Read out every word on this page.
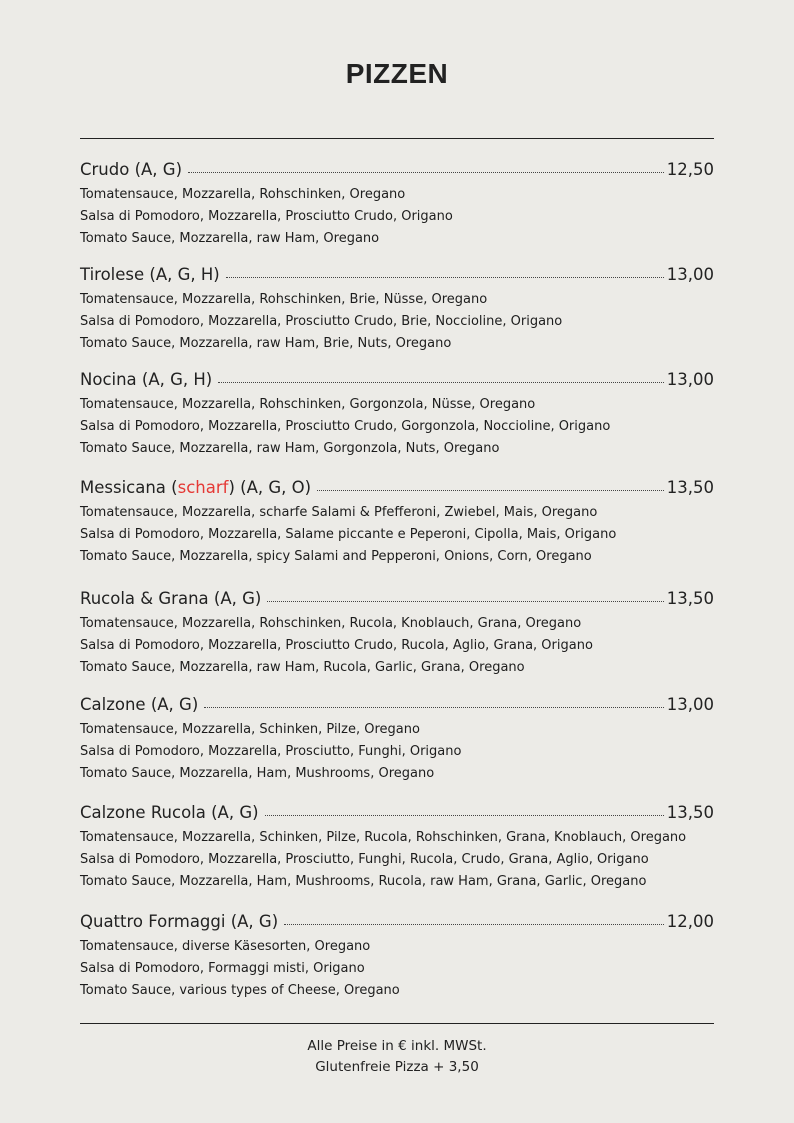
PIZZEN
Crudo (A, G)	12,50
Tomatensauce, Mozzarella, Rohschinken, Oregano
Salsa di Pomodoro, Mozzarella, Prosciutto Crudo, Origano
Tomato Sauce, Mozzarella, raw Ham, Oregano
Tirolese (A, G, H)	13,00
Tomatensauce, Mozzarella, Rohschinken, Brie, Nüsse, Oregano
Salsa di Pomodoro, Mozzarella, Prosciutto Crudo, Brie, Noccioline, Origano
Tomato Sauce, Mozzarella, raw Ham, Brie, Nuts, Oregano
Nocina (A, G, H)	13,00
Tomatensauce, Mozzarella, Rohschinken, Gorgonzola, Nüsse, Oregano
Salsa di Pomodoro, Mozzarella, Prosciutto Crudo, Gorgonzola, Noccioline, Origano
Tomato Sauce, Mozzarella, raw Ham, Gorgonzola, Nuts, Oregano
Messicana (scharf) (A, G, O)	13,50
Tomatensauce, Mozzarella, scharfe Salami & Pfefferoni, Zwiebel, Mais, Oregano
Salsa di Pomodoro, Mozzarella, Salame piccante e Peperoni, Cipolla, Mais, Origano
Tomato Sauce, Mozzarella, spicy Salami and Pepperoni, Onions, Corn, Oregano
Rucola & Grana (A, G)	13,50
Tomatensauce, Mozzarella, Rohschinken, Rucola, Knoblauch, Grana, Oregano
Salsa di Pomodoro, Mozzarella, Prosciutto Crudo, Rucola, Aglio, Grana, Origano
Tomato Sauce, Mozzarella, raw Ham, Rucola, Garlic, Grana, Oregano
Calzone (A, G)	13,00
Tomatensauce, Mozzarella, Schinken, Pilze, Oregano
Salsa di Pomodoro, Mozzarella, Prosciutto, Funghi, Origano
Tomato Sauce, Mozzarella, Ham, Mushrooms, Oregano
Calzone Rucola (A, G)	13,50
Tomatensauce, Mozzarella, Schinken, Pilze, Rucola, Rohschinken, Grana, Knoblauch, Oregano
Salsa di Pomodoro, Mozzarella, Prosciutto, Funghi, Rucola, Crudo, Grana, Aglio, Origano
Tomato Sauce, Mozzarella, Ham, Mushrooms, Rucola, raw Ham, Grana, Garlic, Oregano
Quattro Formaggi (A, G)	12,00
Tomatensauce, diverse Käsesorten, Oregano
Salsa di Pomodoro, Formaggi misti, Origano
Tomato Sauce, various types of Cheese, Oregano
Alle Preise in € inkl. MWSt.
Glutenfreie Pizza + 3,50
